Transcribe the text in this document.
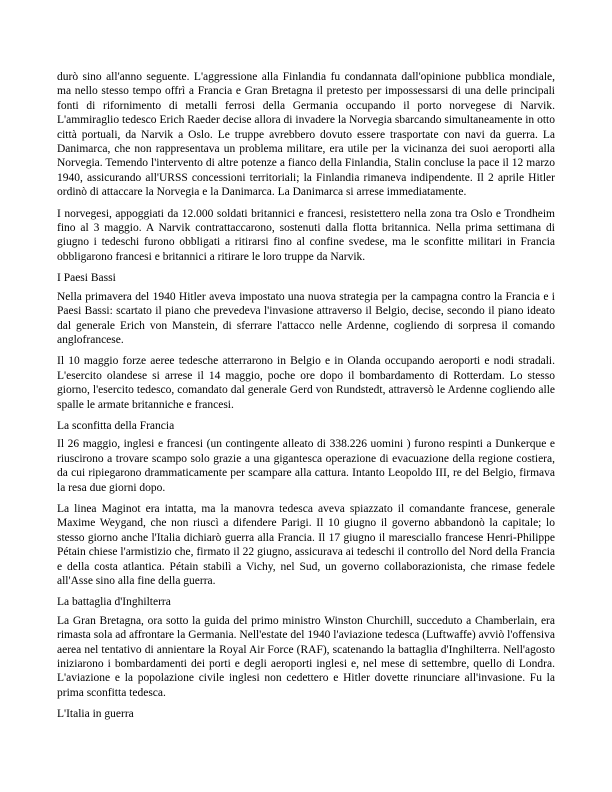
durò sino all'anno seguente. L'aggressione alla Finlandia fu condannata dall'opinione pubblica mondiale, ma nello stesso tempo offrì a Francia e Gran Bretagna il pretesto per impossessarsi di una delle principali fonti di rifornimento di metalli ferrosi della Germania occupando il porto norvegese di Narvik. L'ammiraglio tedesco Erich Raeder decise allora di invadere la Norvegia sbarcando simultaneamente in otto città portuali, da Narvik a Oslo. Le truppe avrebbero dovuto essere trasportate con navi da guerra. La Danimarca, che non rappresentava un problema militare, era utile per la vicinanza dei suoi aeroporti alla Norvegia. Temendo l'intervento di altre potenze a fianco della Finlandia, Stalin concluse la pace il 12 marzo 1940, assicurando all'URSS concessioni territoriali; la Finlandia rimaneva indipendente. Il 2 aprile Hitler ordinò di attaccare la Norvegia e la Danimarca. La Danimarca si arrese immediatamente.

I norvegesi, appoggiati da 12.000 soldati britannici e francesi, resistettero nella zona tra Oslo e Trondheim fino al 3 maggio. A Narvik contrattaccarono, sostenuti dalla flotta britannica. Nella prima settimana di giugno i tedeschi furono obbligati a ritirarsi fino al confine svedese, ma le sconfitte militari in Francia obbligarono francesi e britannici a ritirare le loro truppe da Narvik.

I Paesi Bassi

Nella primavera del 1940 Hitler aveva impostato una nuova strategia per la campagna contro la Francia e i Paesi Bassi: scartato il piano che prevedeva l'invasione attraverso il Belgio, decise, secondo il piano ideato dal generale Erich von Manstein, di sferrare l'attacco nelle Ardenne, cogliendo di sorpresa il comando anglofrancese.

Il 10 maggio forze aeree tedesche atterrarono in Belgio e in Olanda occupando aeroporti e nodi stradali. L'esercito olandese si arrese il 14 maggio, poche ore dopo il bombardamento di Rotterdam. Lo stesso giorno, l'esercito tedesco, comandato dal generale Gerd von Rundstedt, attraversò le Ardenne cogliendo alle spalle le armate britanniche e francesi.

La sconfitta della Francia

Il 26 maggio, inglesi e francesi (un contingente alleato di 338.226 uomini ) furono respinti a Dunkerque e riuscirono a trovare scampo solo grazie a una gigantesca operazione di evacuazione della regione costiera, da cui ripiegarono drammaticamente per scampare alla cattura. Intanto Leopoldo III, re del Belgio, firmava la resa due giorni dopo.

La linea Maginot era intatta, ma la manovra tedesca aveva spiazzato il comandante francese, generale Maxime Weygand, che non riuscì a difendere Parigi. Il 10 giugno il governo abbandonò la capitale; lo stesso giorno anche l'Italia dichiarò guerra alla Francia. Il 17 giugno il maresciallo francese Henri-Philippe Pétain chiese l'armistizio che, firmato il 22 giugno, assicurava ai tedeschi il controllo del Nord della Francia e della costa atlantica. Pétain stabilì a Vichy, nel Sud, un governo collaborazionista, che rimase fedele all'Asse sino alla fine della guerra.

La battaglia d'Inghilterra

La Gran Bretagna, ora sotto la guida del primo ministro Winston Churchill, succeduto a Chamberlain, era rimasta sola ad affrontare la Germania. Nell'estate del 1940 l'aviazione tedesca (Luftwaffe) avviò l'offensiva aerea nel tentativo di annientare la Royal Air Force (RAF), scatenando la battaglia d'Inghilterra. Nell'agosto iniziarono i bombardamenti dei porti e degli aeroporti inglesi e, nel mese di settembre, quello di Londra. L'aviazione e la popolazione civile inglesi non cedettero e Hitler dovette rinunciare all'invasione. Fu la prima sconfitta tedesca.

L'Italia in guerra
